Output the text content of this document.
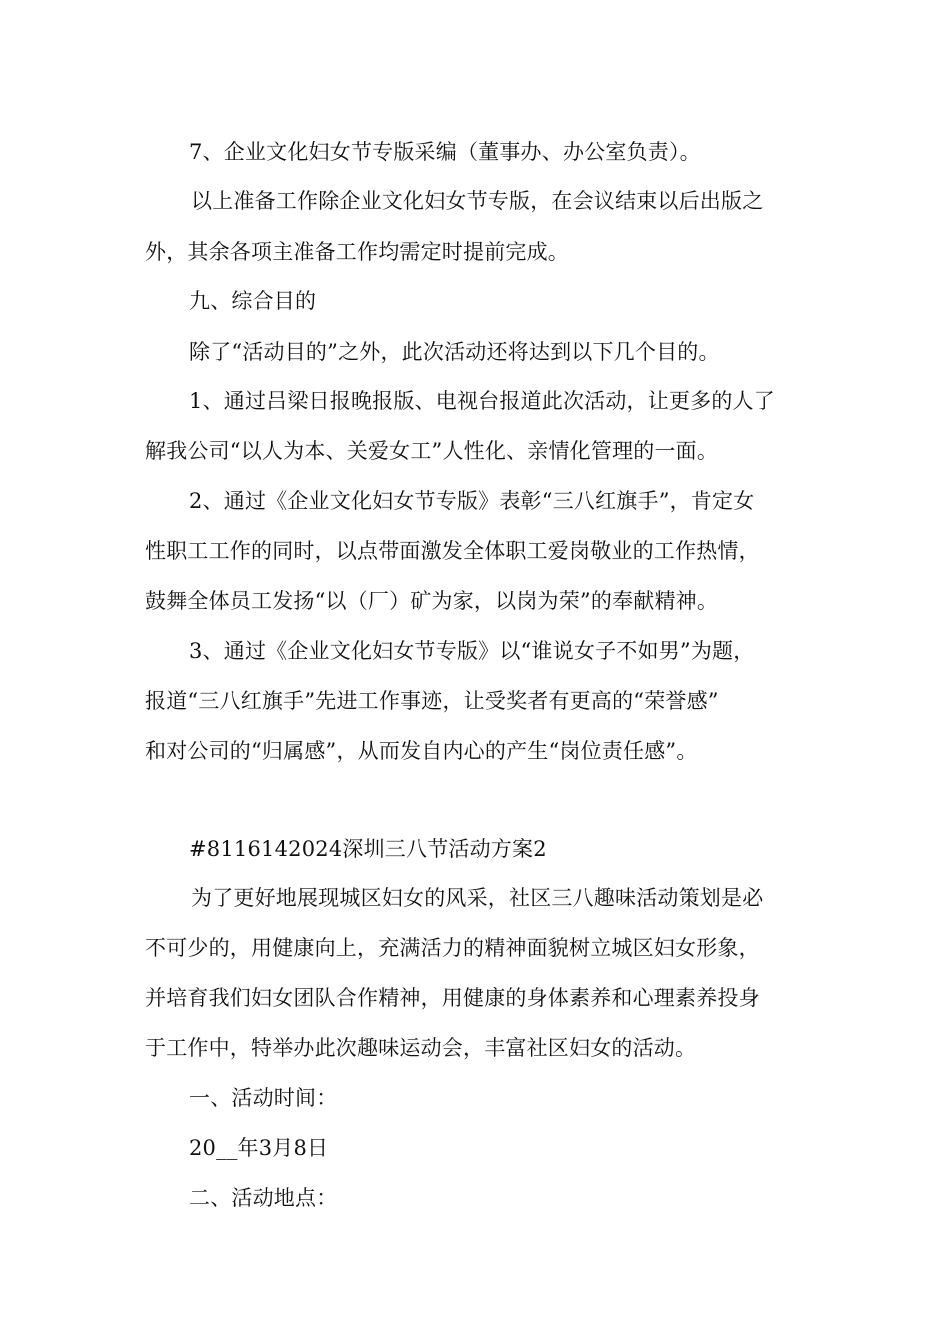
7、企业文化妇女节专版采编（董事办、办公室负责）。
以上准备工作除企业文化妇女节专版，在会议结束以后出版之
外，其余各项主准备工作均需定时提前完成。
九、综合目的
除了“活动目的”之外，此次活动还将达到以下几个目的。
1、通过吕梁日报晚报版、电视台报道此次活动，让更多的人了
解我公司“以人为本、关爱女工”人性化、亲情化管理的一面。
2、通过《企业文化妇女节专版》表彰“三八红旗手”，肯定女
性职工工作的同时，以点带面激发全体职工爱岗敬业的工作热情，
鼓舞全体员工发扬“以（厂）矿为家，以岗为荣”的奉献精神。
3、通过《企业文化妇女节专版》以“谁说女子不如男”为题，
报道“三八红旗手”先进工作事迹，让受奖者有更高的“荣誉感”
和对公司的“归属感”，从而发自内心的产生“岗位责任感”。
#8116142024深圳三八节活动方案2
为了更好地展现城区妇女的风采，社区三八趣味活动策划是必
不可少的，用健康向上，充满活力的精神面貌树立城区妇女形象，
并培育我们妇女团队合作精神，用健康的身体素养和心理素养投身
于工作中，特举办此次趣味运动会，丰富社区妇女的活动。
一、活动时间：
20__年3月8日
二、活动地点：
